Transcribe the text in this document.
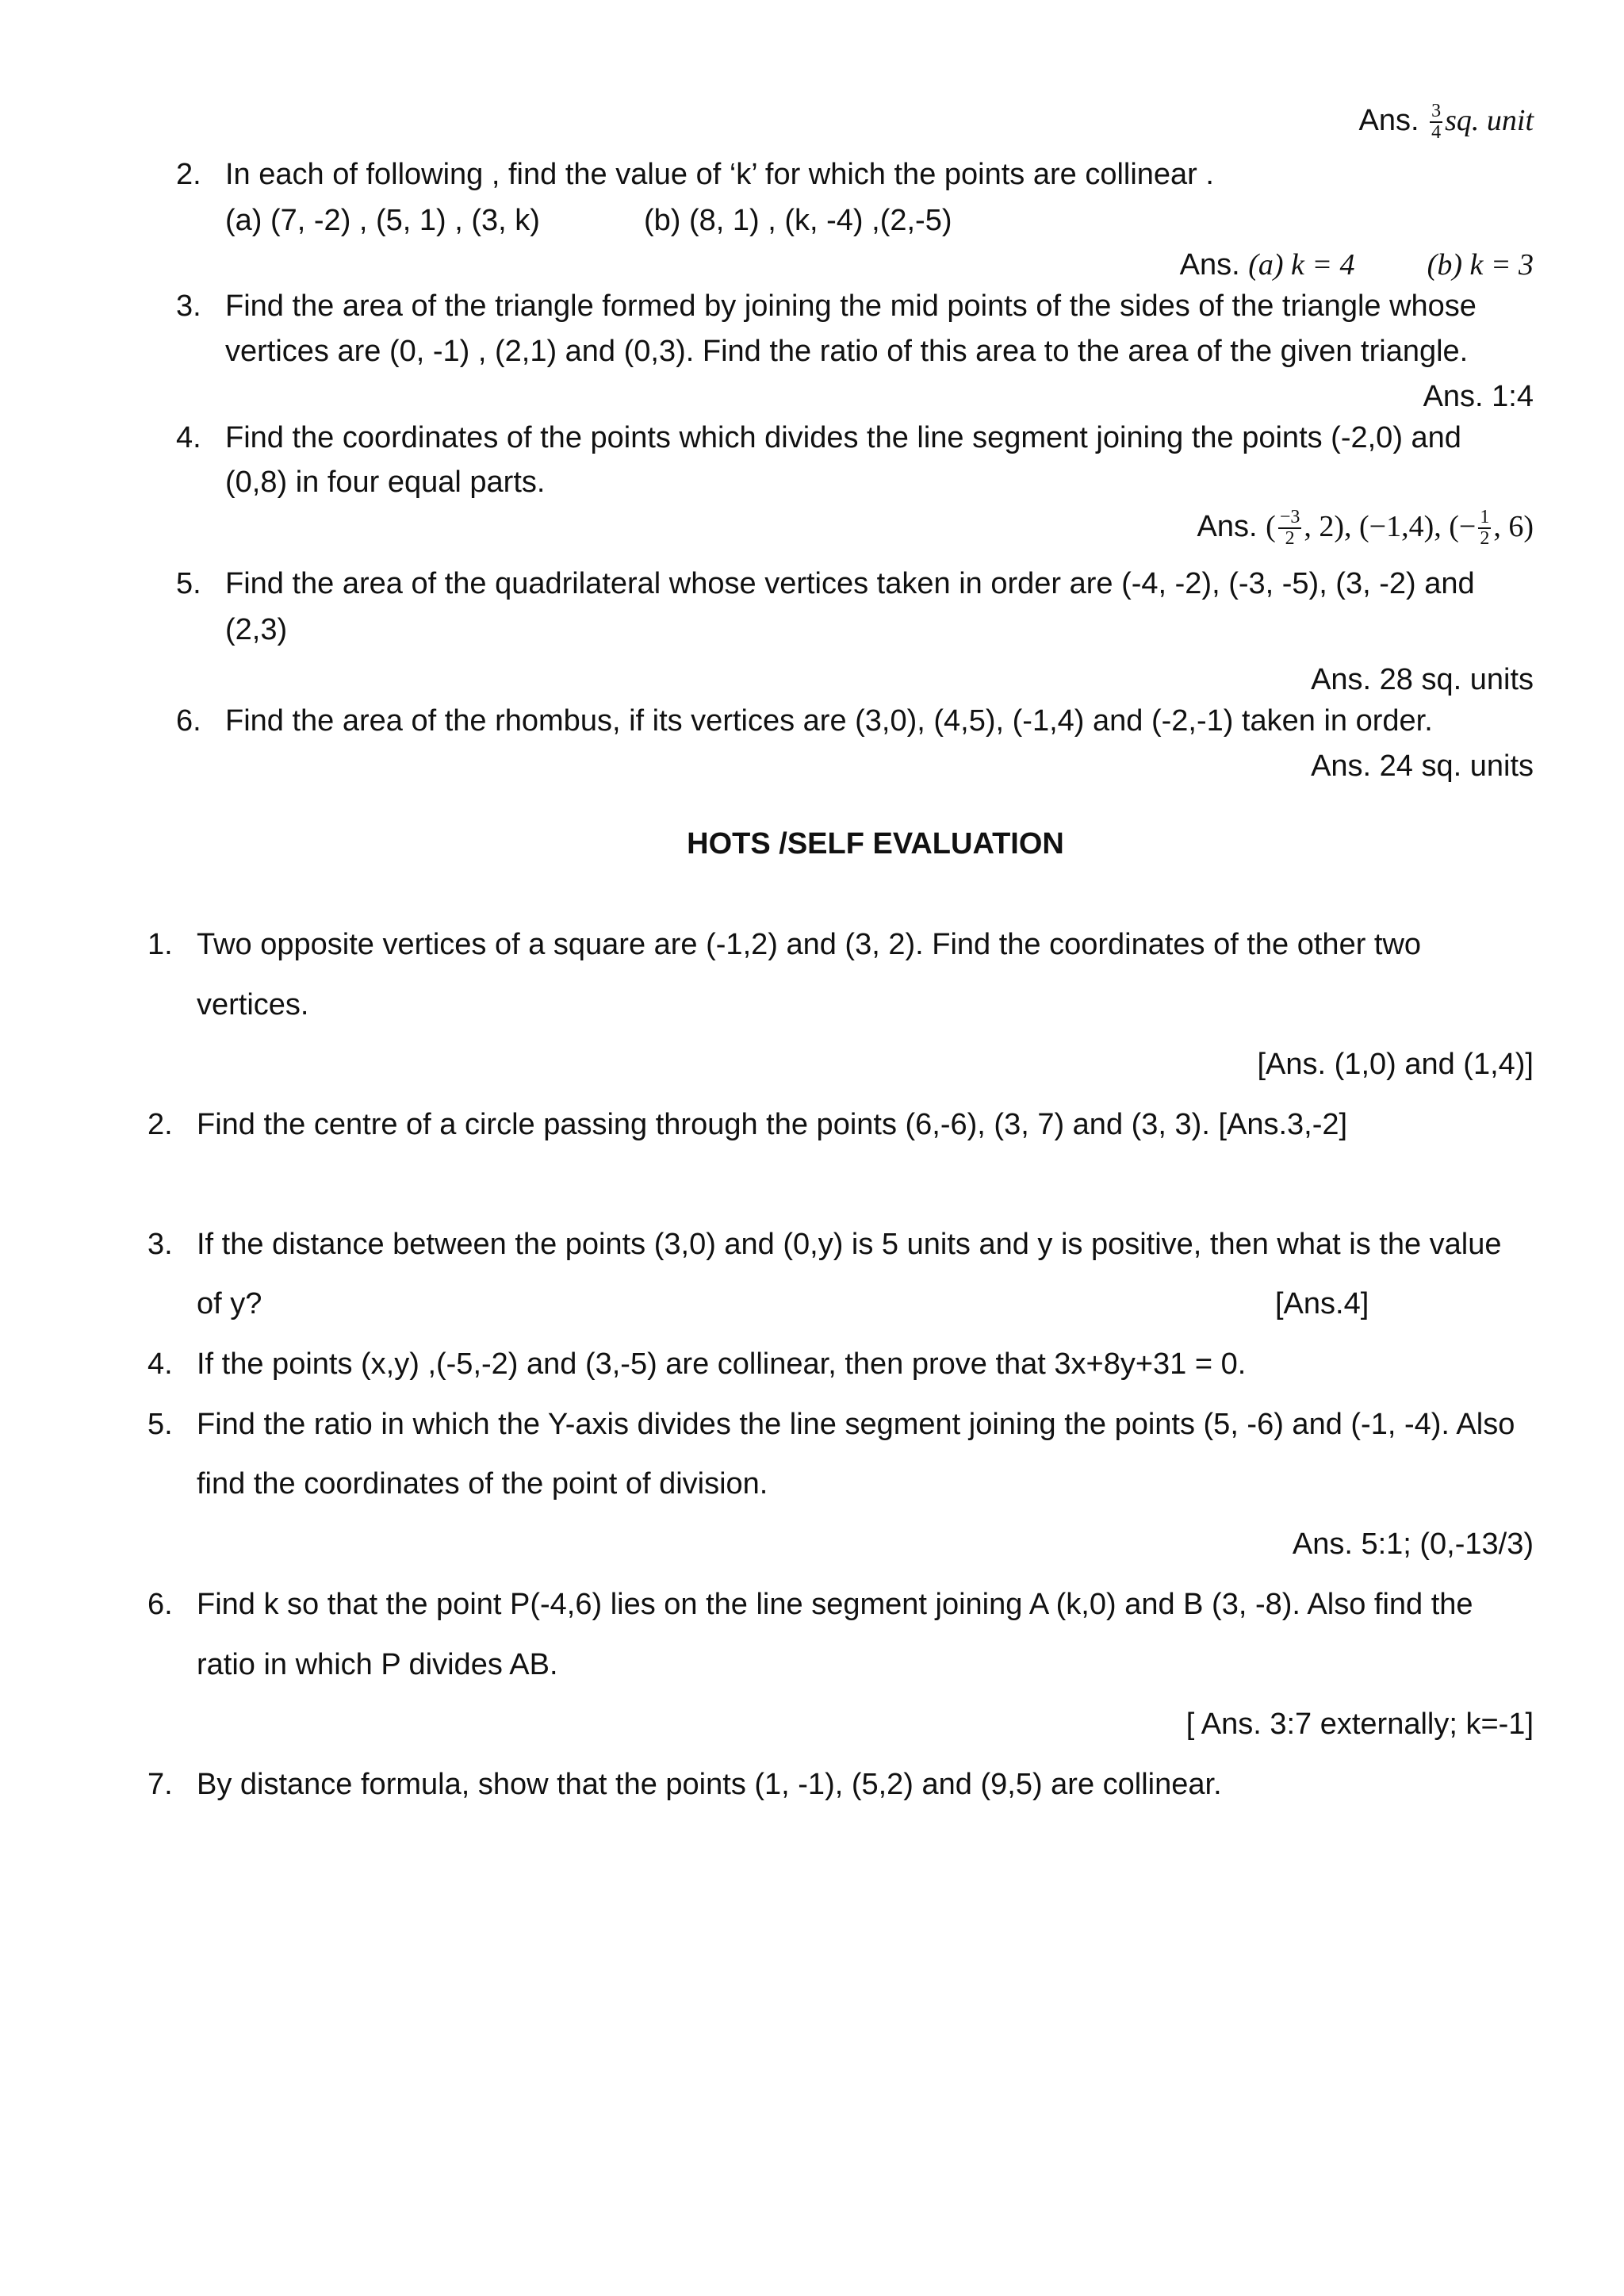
Ans. $\frac{3}{4}$ sq. unit
2. In each of following , find the value of ‘k’ for which the points are collinear .
(a) (7, -2) , (5, 1) , (3, k)	(b) (8, 1) , (k, -4) ,(2,-5)
Ans. (a) k = 4 (b) k = 3
3. Find the area of the triangle formed by joining the mid points of the sides of the triangle whose
vertices are (0, -1) , (2,1) and (0,3). Find the ratio of this area to the area of the given triangle.
Ans. 1:4
4. Find the coordinates of the points which divides the line segment joining the points (-2,0) and
(0,8) in four equal parts.
Ans. ( $\frac{-3}{2}$ , 2), (−1,4), (− $\frac{1}{2}$ , 6)
5. Find the area of the quadrilateral whose vertices taken in order are (-4, -2), (-3, -5), (3, -2) and
(2,3)
Ans. 28 sq. units
6. Find the area of the rhombus, if its vertices are (3,0), (4,5), (-1,4) and (-2,-1) taken in order.
Ans. 24 sq. units
HOTS /SELF EVALUATION
1. Two opposite vertices of a square are (-1,2) and (3, 2). Find the coordinates of the other two
vertices.
[Ans. (1,0) and (1,4)]
2. Find the centre of a circle passing through the points (6,-6), (3, 7) and (3, 3). [Ans.3,-2]
3. If the distance between the points (3,0) and (0,y) is 5 units and y is positive, then what is the value
of y?	[Ans.4]
4. If the points (x,y) ,(-5,-2) and (3,-5) are collinear, then prove that 3x+8y+31 = 0.
5. Find the ratio in which the Y-axis divides the line segment joining the points (5, -6) and (-1, -4). Also
find the coordinates of the point of division.
Ans. 5:1; (0,-13/3)
6. Find k so that the point P(-4,6) lies on the line segment joining A (k,0) and B (3, -8). Also find the
ratio in which P divides AB.
[ Ans. 3:7 externally; k=-1]
7. By distance formula, show that the points (1, -1), (5,2) and (9,5) are collinear.
